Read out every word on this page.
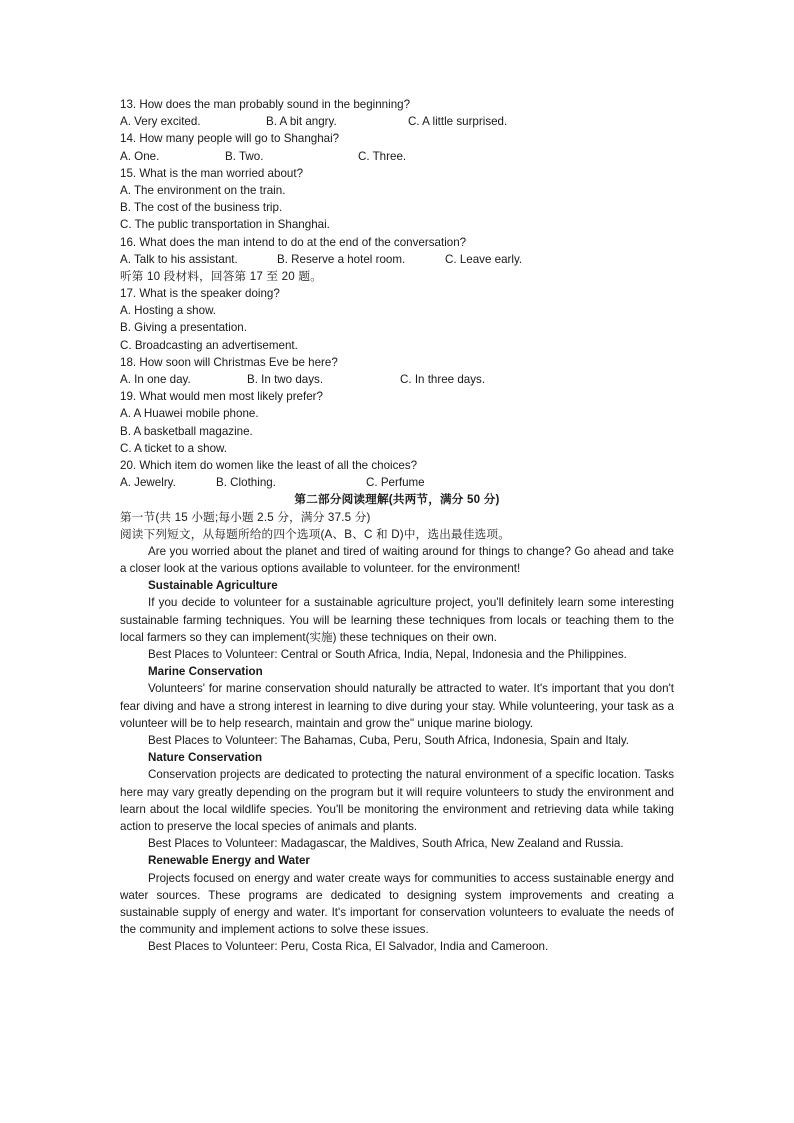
13. How does the man probably sound in the beginning?
A. Very excited.	B. A bit angry.	C. A little surprised.
14. How many people will go to Shanghai?
A. One.	B. Two.	C. Three.
15. What is the man worried about?
A. The environment on the train.
B. The cost of the business trip.
C. The public transportation in Shanghai.
16. What does the man intend to do at the end of the conversation?
A. Talk to his assistant.	B. Reserve a hotel room.	C. Leave early.
听第 10 段材料，回答第 17 至 20 题。
17. What is the speaker doing?
A. Hosting a show.
B. Giving a presentation.
C. Broadcasting an advertisement.
18. How soon will Christmas Eve be here?
A. In one day.	B. In two days.	C. In three days.
19. What would men most likely prefer?
A. A Huawei mobile phone.
B. A basketball magazine.
C. A ticket to a show.
20. Which item do women like the least of all the choices?
A. Jewelry.	B. Clothing.	C. Perfume
第二部分阅读理解(共两节，满分 50 分)
第一节(共 15 小题;每小题 2.5 分，满分 37.5 分)
阅读下列短文，从每题所给的四个选项(A、B、C 和 D)中，选出最佳选项。

Are you worried about the planet and tired of waiting around for things to change? Go ahead and take a closer look at the various options available to volunteer. for the environment!

Sustainable Agriculture

If you decide to volunteer for a sustainable agriculture project, you'll definitely learn some interesting sustainable farming techniques. You will be learning these techniques from locals or teaching them to the local farmers so they can implement(实施) these techniques on their own.

Best Places to Volunteer: Central or South Africa, India, Nepal, Indonesia and the Philippines.

Marine Conservation

Volunteers' for marine conservation should naturally be attracted to water. It's important that you don't fear diving and have a strong interest in learning to dive during your stay. While volunteering, your task as a volunteer will be to help research, maintain and grow the" unique marine biology.

Best Places to Volunteer: The Bahamas, Cuba, Peru, South Africa, Indonesia, Spain and Italy.

Nature Conservation

Conservation projects are dedicated to protecting the natural environment of a specific location. Tasks here may vary greatly depending on the program but it will require volunteers to study the environment and learn about the local wildlife species. You'll be monitoring the environment and retrieving data while taking action to preserve the local species of animals and plants.

Best Places to Volunteer: Madagascar, the Maldives, South Africa, New Zealand and Russia.

Renewable Energy and Water

Projects focused on energy and water create ways for communities to access sustainable energy and water sources. These programs are dedicated to designing system improvements and creating a sustainable supply of energy and water. It's important for conservation volunteers to evaluate the needs of the community and implement actions to solve these issues.

Best Places to Volunteer: Peru, Costa Rica, El Salvador, India and Cameroon.
